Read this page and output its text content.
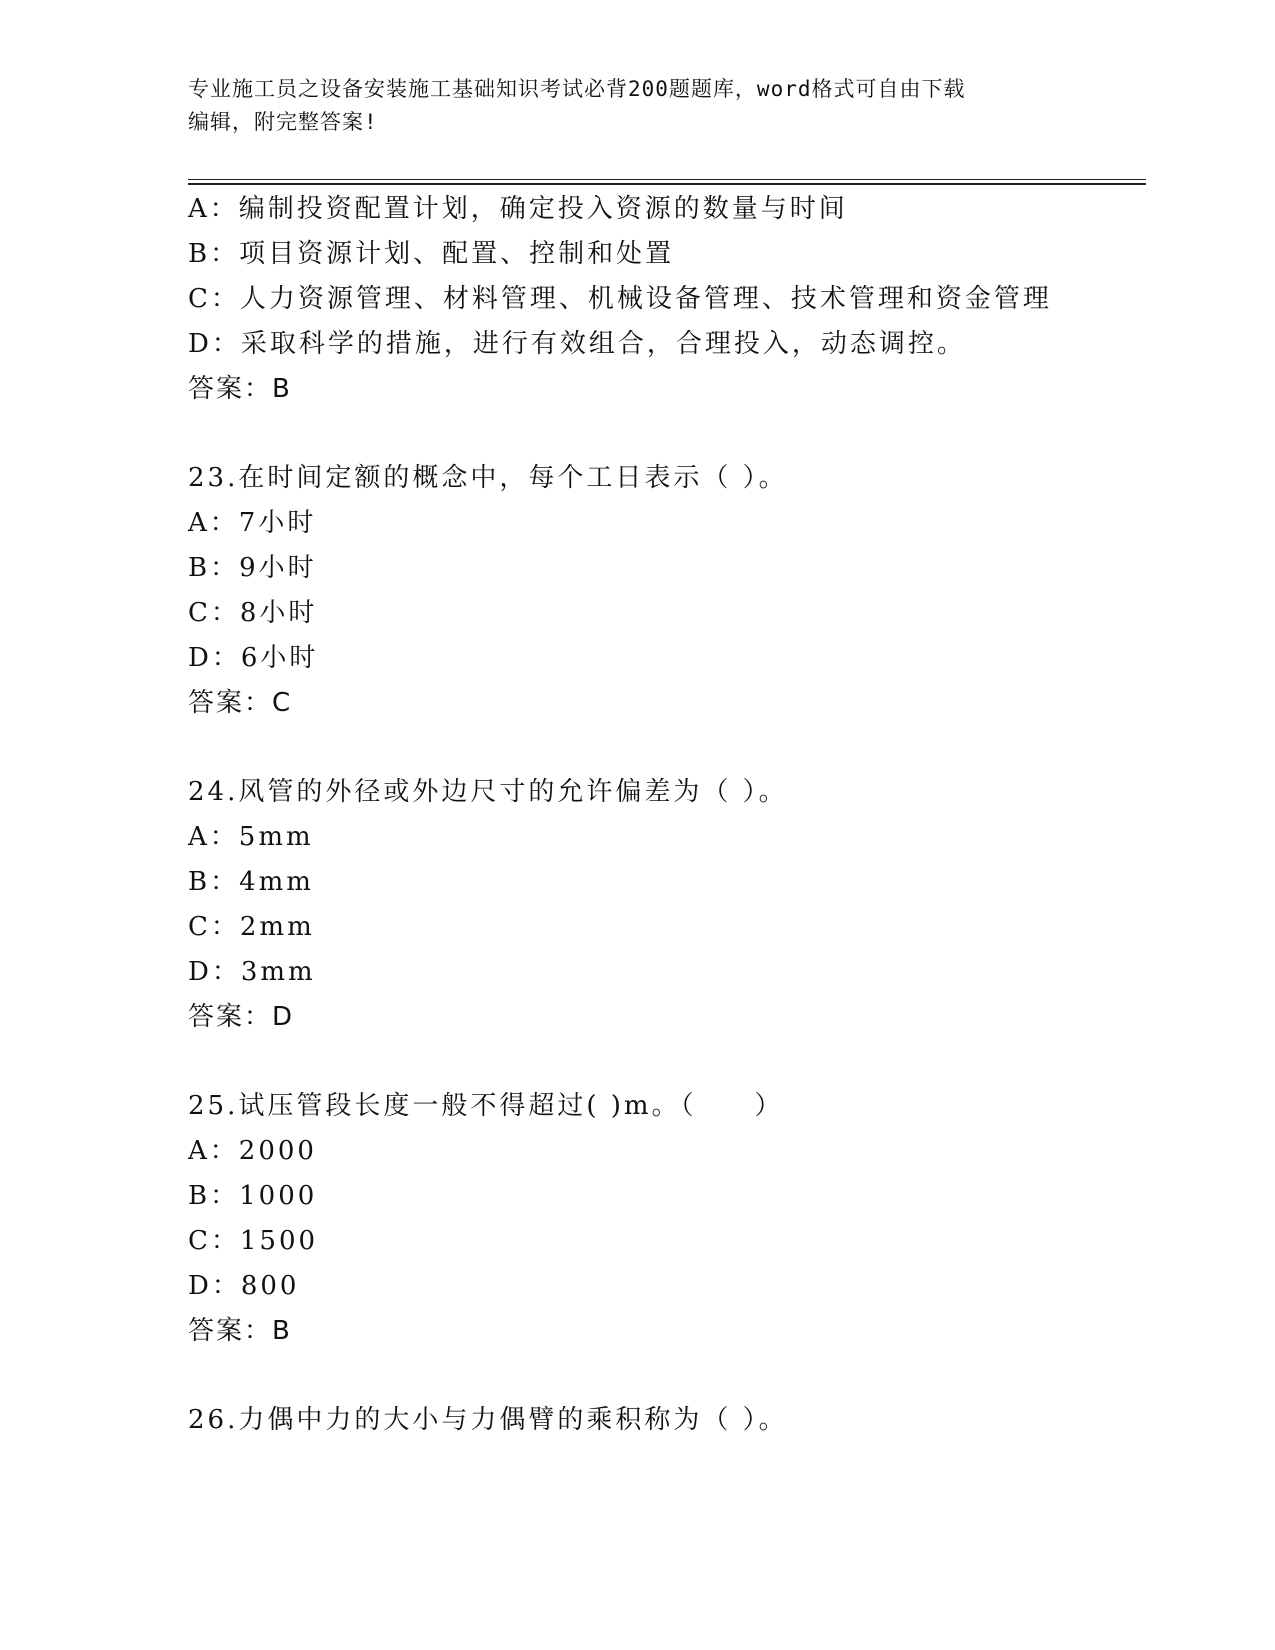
专业施工员之设备安装施工基础知识考试必背200题题库，word格式可自由下载
编辑，附完整答案!
A：编制投资配置计划，确定投入资源的数量与时间
B：项目资源计划、配置、控制和处置
C：人力资源管理、材料管理、机械设备管理、技术管理和资金管理
D：采取科学的措施，进行有效组合，合理投入，动态调控。
答案：B
23.在时间定额的概念中，每个工日表示（ ）。
A：7小时
B：9小时
C：8小时
D：6小时
答案：C
24.风管的外径或外边尺寸的允许偏差为（ ）。
A：5mm
B：4mm
C：2mm
D：3mm
答案：D
25.试压管段长度一般不得超过( )m。（　　）
A：2000
B：1000
C：1500
D：800
答案：B
26.力偶中力的大小与力偶臂的乘积称为（ ）。
